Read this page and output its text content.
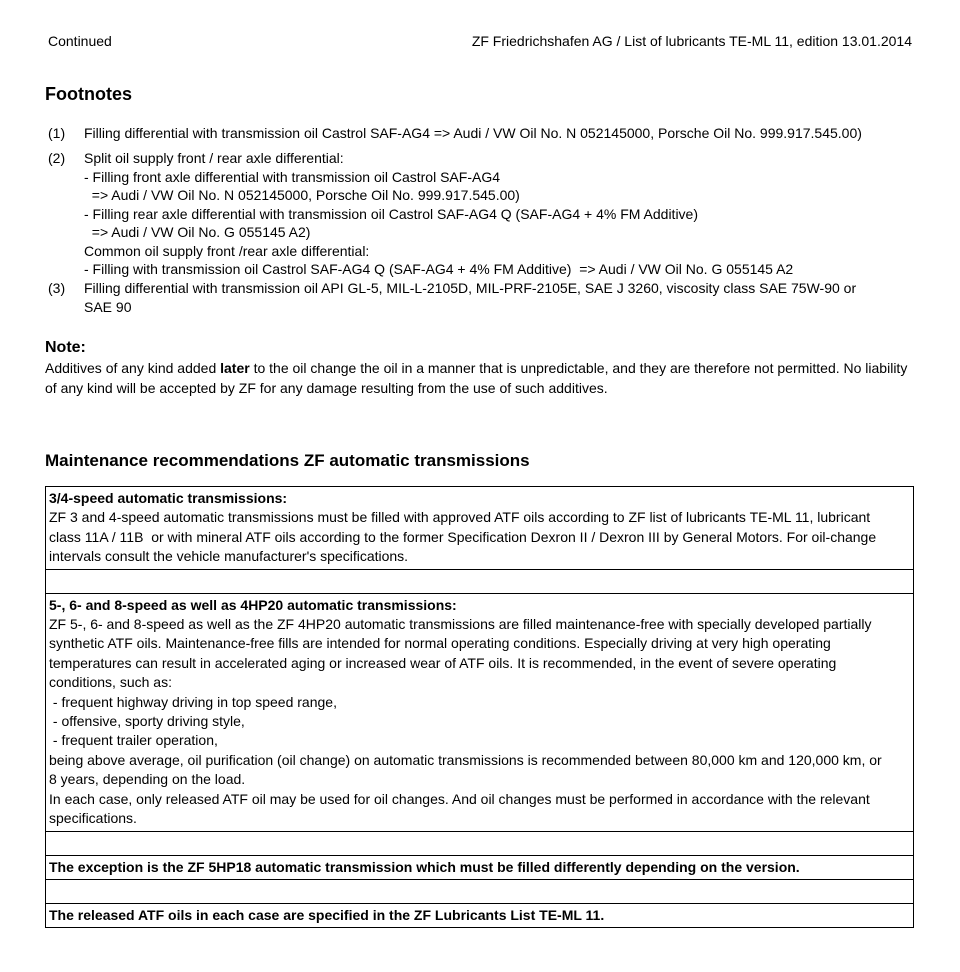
Continued	ZF Friedrichshafen AG / List of lubricants TE-ML 11, edition 13.01.2014
Footnotes
(1)	Filling differential with transmission oil Castrol SAF-AG4 => Audi / VW Oil No. N 052145000, Porsche Oil No. 999.917.545.00)
(2)	Split oil supply front / rear axle differential:
- Filling front axle differential with transmission oil Castrol SAF-AG4
=> Audi / VW Oil No. N 052145000, Porsche Oil No. 999.917.545.00)
- Filling rear axle differential with transmission oil Castrol SAF-AG4 Q (SAF-AG4 + 4% FM Additive)
=> Audi / VW Oil No. G 055145 A2)
Common oil supply front /rear axle differential:
- Filling with transmission oil Castrol SAF-AG4 Q (SAF-AG4 + 4% FM Additive)  => Audi / VW Oil No. G 055145 A2
(3)	Filling differential with transmission oil API GL-5, MIL-L-2105D, MIL-PRF-2105E, SAE J 3260, viscosity class SAE 75W-90 or
SAE 90
Note:
Additives of any kind added later to the oil change the oil in a manner that is unpredictable, and they are therefore not permitted. No liability of any kind will be accepted by ZF for any damage resulting from the use of such additives.
Maintenance recommendations ZF automatic transmissions
3/4-speed automatic transmissions:
ZF 3 and 4-speed automatic transmissions must be filled with approved ATF oils according to ZF list of lubricants TE-ML 11, lubricant
class 11A / 11B  or with mineral ATF oils according to the former Specification Dexron II / Dexron III by General Motors. For oil-change
intervals consult the vehicle manufacturer's specifications.
5-, 6- and 8-speed as well as 4HP20 automatic transmissions:
ZF 5-, 6- and 8-speed as well as the ZF 4HP20 automatic transmissions are filled maintenance-free with specially developed partially
synthetic ATF oils. Maintenance-free fills are intended for normal operating conditions. Especially driving at very high operating
temperatures can result in accelerated aging or increased wear of ATF oils. It is recommended, in the event of severe operating
conditions, such as:
- frequent highway driving in top speed range,
- offensive, sporty driving style,
- frequent trailer operation,
being above average, oil purification (oil change) on automatic transmissions is recommended between 80,000 km and 120,000 km, or
8 years, depending on the load.
In each case, only released ATF oil may be used for oil changes. And oil changes must be performed in accordance with the relevant
specifications.
The exception is the ZF 5HP18 automatic transmission which must be filled differently depending on the version.
The released ATF oils in each case are specified in the ZF Lubricants List TE-ML 11.
